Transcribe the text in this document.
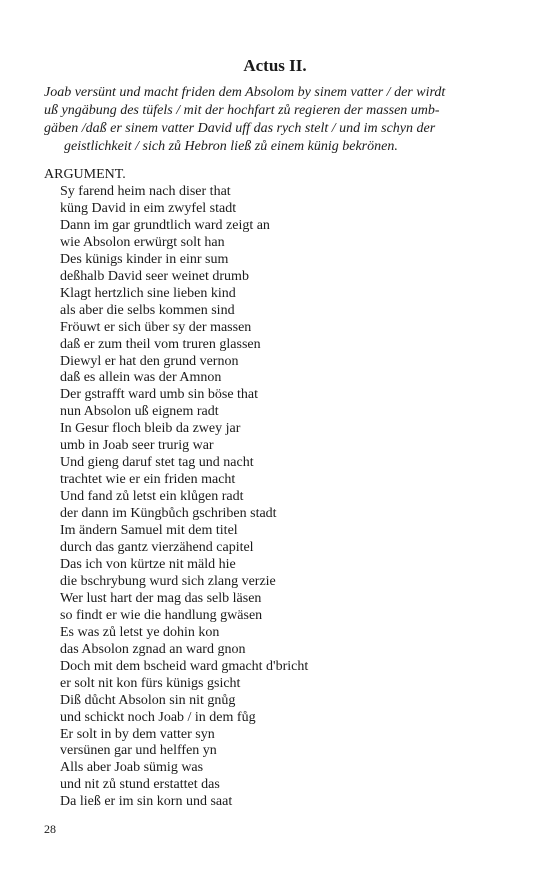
Actus II.
Joab versünt und macht friden dem Absolom by sinem vatter / der wirdt
uß yngäbung des tüfels / mit der hochfart zů regieren der massen umb-
gäben /daß er sinem vatter David uff das rych stelt / und im schyn der
geistlichkeit / sich zů Hebron ließ zů einem künig bekrönen.
ARGUMENT.
Sy farend heim nach diser that
küng David in eim zwyfel stadt
Dann im gar grundtlich ward zeigt an
wie Absolon erwürgt solt han
Des künigs kinder in einr sum
deßhalb David seer weinet drumb
Klagt hertzlich sine lieben kind
als aber die selbs kommen sind
Fröuwt er sich über sy der massen
daß er zum theil vom truren glassen
Diewyl er hat den grund vernon
daß es allein was der Amnon
Der gstrafft ward umb sin böse that
nun Absolon uß eignem radt
In Gesur floch bleib da zwey jar
umb in Joab seer trurig war
Und gieng daruf stet tag und nacht
trachtet wie er ein friden macht
Und fand zů letst ein klůgen radt
der dann im Küngbůch gschriben stadt
Im ändern Samuel mit dem titel
durch das gantz vierzähend capitel
Das ich von kürtze nit mäld hie
die bschrybung wurd sich zlang verzie
Wer lust hart der mag das selb läsen
so findt er wie die handlung gwäsen
Es was zů letst ye dohin kon
das Absolon zgnad an ward gnon
Doch mit dem bscheid ward gmacht d'bricht
er solt nit kon fürs künigs gsicht
Diß důcht Absolon sin nit gnůg
und schickt noch Joab / in dem fůg
Er solt in by dem vatter syn
versünen gar und helffen yn
Alls aber Joab sümig was
und nit zů stund erstattet das
Da ließ er im sin korn und saat
28
